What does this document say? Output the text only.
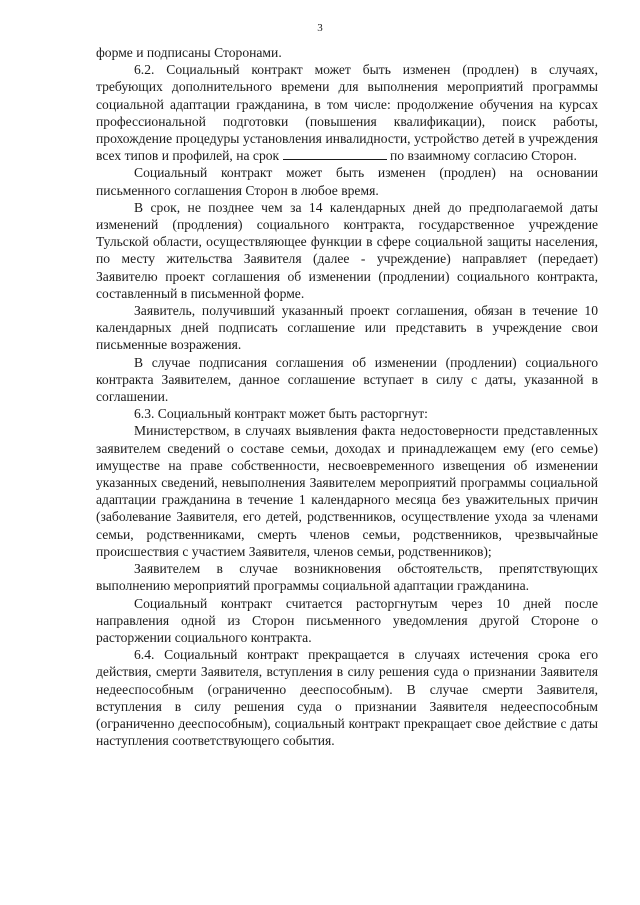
3

форме и подписаны Сторонами.

6.2. Социальный контракт может быть изменен (продлен) в случаях, требующих дополнительного времени для выполнения мероприятий программы социальной адаптации гражданина, в том числе: продолжение обучения на курсах профессиональной подготовки (повышения квалификации), поиск работы, прохождение процедуры установления инвалидности, устройство детей в учреждения всех типов и профилей, на срок	по взаимному согласию Сторон.

Социальный контракт может быть изменен (продлен) на основании письменного соглашения Сторон в любое время.

В срок, не позднее чем за 14 календарных дней до предполагаемой даты изменений (продления) социального контракта, государственное учреждение Тульской области, осуществляющее функции в сфере социальной защиты населения, по месту жительства Заявителя (далее - учреждение) направляет (передает) Заявителю проект соглашения об изменении (продлении) социального контракта, составленный в письменной форме.

Заявитель, получивший указанный проект соглашения, обязан в течение 10 календарных дней подписать соглашение или представить в учреждение свои письменные возражения.

В случае подписания соглашения об изменении (продлении) социального контракта Заявителем, данное соглашение вступает в силу с даты, указанной в соглашении.

6.3. Социальный контракт может быть расторгнут:

Министерством, в случаях выявления факта недостоверности представленных заявителем сведений о составе семьи, доходах и принадлежащем ему (его семье) имуществе на праве собственности, несвоевременного извещения об изменении указанных сведений, невыполнения Заявителем мероприятий программы социальной адаптации гражданина в течение 1 календарного месяца без уважительных причин (заболевание Заявителя, его детей, родственников, осуществление ухода за членами семьи, родственниками, смерть членов семьи, родственников, чрезвычайные происшествия с участием Заявителя, членов семьи, родственников);

Заявителем в случае возникновения обстоятельств, препятствующих выполнению мероприятий программы социальной адаптации гражданина.

Социальный контракт считается расторгнутым через 10 дней после направления одной из Сторон письменного уведомления другой Стороне о расторжении социального контракта.

6.4. Социальный контракт прекращается в случаях истечения срока его действия, смерти Заявителя, вступления в силу решения суда о признании Заявителя недееспособным (ограниченно дееспособным). В случае смерти Заявителя, вступления в силу решения суда о признании Заявителя недееспособным (ограниченно дееспособным), социальный контракт прекращает свое действие с даты наступления соответствующего события.
